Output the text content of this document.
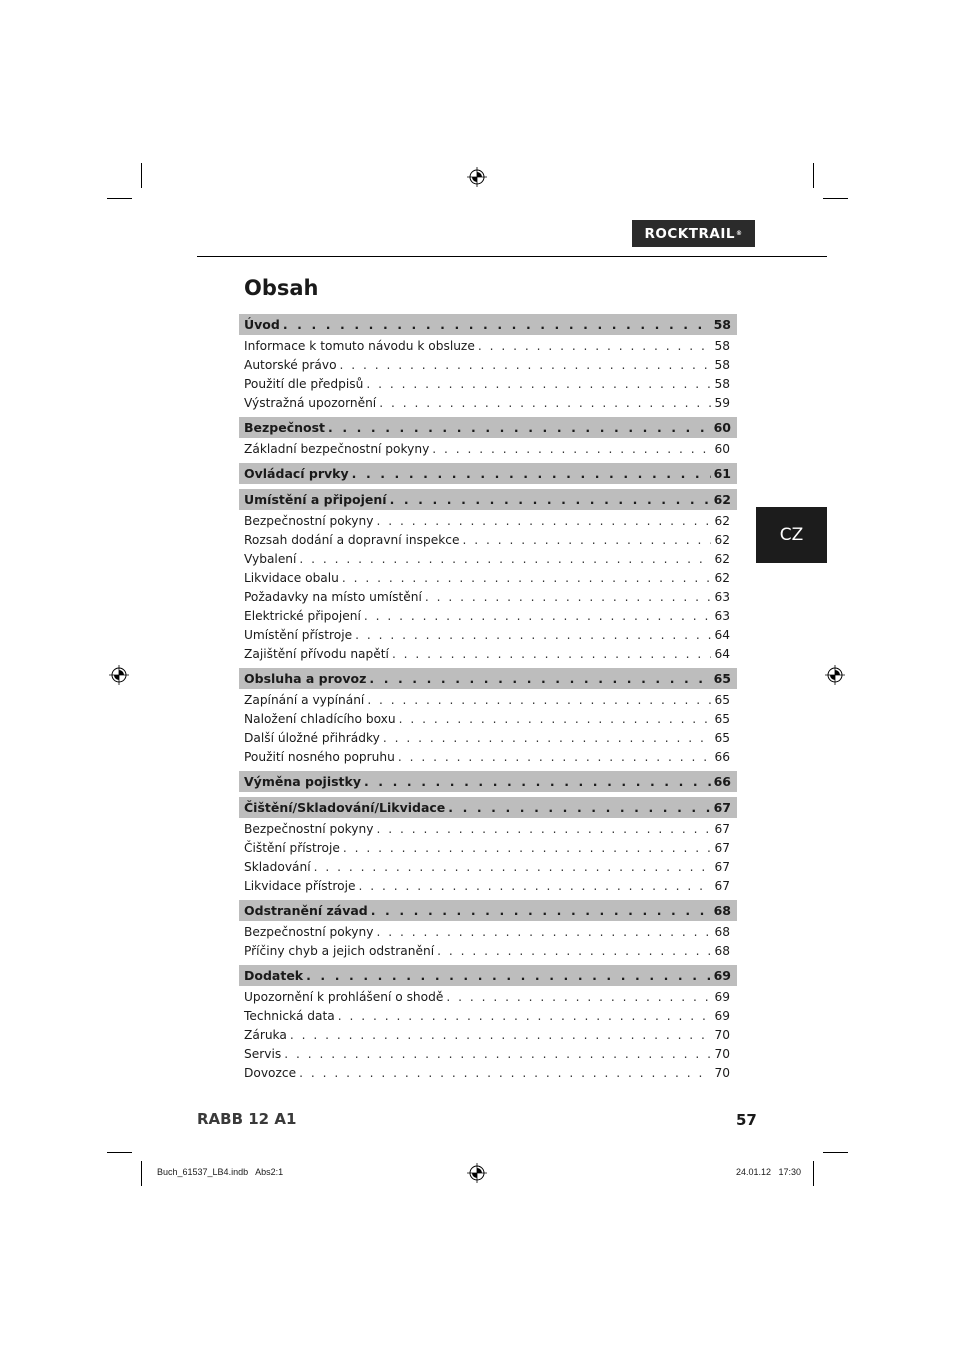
ROCKTRAIL ®
Obsah
CZ
Úvod . . .	58
Informace k tomuto návodu k obsluze . . .	58
Autorské právo . . .	58
Použití dle předpisů . . .	58
Výstražná upozornění . . .	59
Bezpečnost . . .	60
Základní bezpečnostní pokyny . . .	60
Ovládací prvky . . .	61
Umístění a připojení . . .	62
Bezpečnostní pokyny . . .	62
Rozsah dodání a dopravní inspekce . . .	62
Vybalení . . .	62
Likvidace obalu . . .	62
Požadavky na místo umístění . . .	63
Elektrické připojení . . .	63
Umístění přístroje . . .	64
Zajištění přívodu napětí . . .	64
Obsluha a provoz . . .	65
Zapínání a vypínání . . .	65
Naložení chladícího boxu . . .	65
Další úložné přihrádky . . .	65
Použití nosného popruhu . . .	66
Výměna pojistky . . .	66
Čištění/Skladování/Likvidace . . .	67
Bezpečnostní pokyny . . .	67
Čištění přístroje . . .	67
Skladování . . .	67
Likvidace přístroje . . .	67
Odstranění závad . . .	68
Bezpečnostní pokyny . . .	68
Příčiny chyb a jejich odstranění . . .	68
Dodatek . . .	69
Upozornění k prohlášení o shodě . . .	69
Technická data . . .	69
Záruka . . .	70
Servis . . .	70
Dovozce . . .	70
RABB 12 A1	57
Buch_61537_LB4.indb   Abs2:1	24.01.12   17:30
